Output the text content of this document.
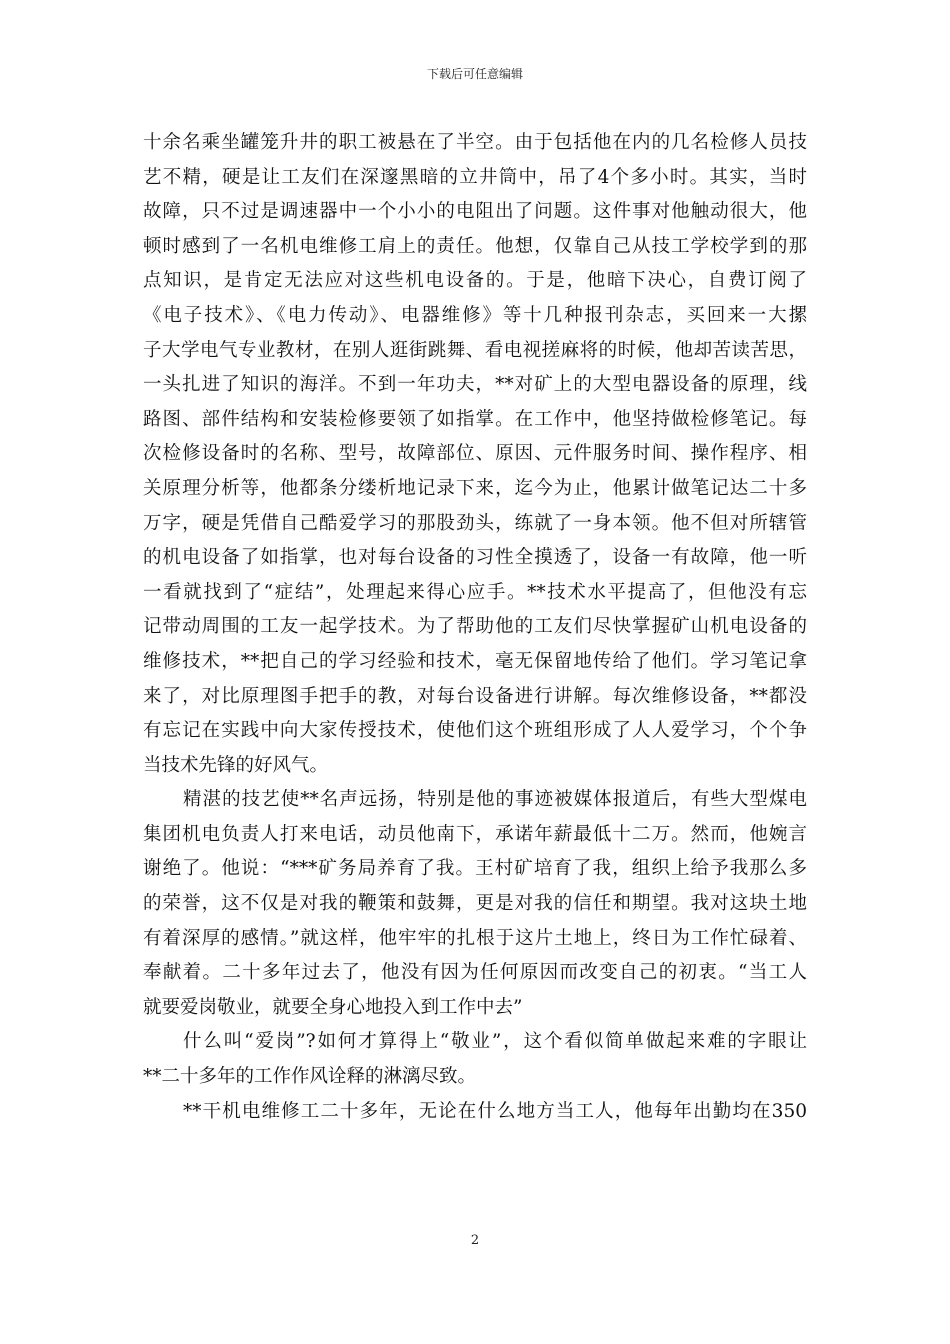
下载后可任意编辑
十余名乘坐罐笼升井的职工被悬在了半空。由于包括他在内的几名检修人员技
艺不精，硬是让工友们在深邃黑暗的立井筒中，吊了4个多小时。其实，当时
故障，只不过是调速器中一个小小的电阻出了问题。这件事对他触动很大，他
顿时感到了一名机电维修工肩上的责任。他想，仅靠自己从技工学校学到的那
点知识，是肯定无法应对这些机电设备的。于是，他暗下决心，自费订阅了
《电子技术》、《电力传动》、电器维修》等十几种报刊杂志，买回来一大摞
子大学电气专业教材，在别人逛街跳舞、看电视搓麻将的时候，他却苦读苦思，
一头扎进了知识的海洋。不到一年功夫，**对矿上的大型电器设备的原理，线
路图、部件结构和安装检修要领了如指掌。在工作中，他坚持做检修笔记。每
次检修设备时的名称、型号，故障部位、原因、元件服务时间、操作程序、相
关原理分析等，他都条分缕析地记录下来，迄今为止，他累计做笔记达二十多
万字，硬是凭借自己酷爱学习的那股劲头，练就了一身本领。他不但对所辖管
的机电设备了如指掌，也对每台设备的习性全摸透了，设备一有故障，他一听
一看就找到了“症结”，处理起来得心应手。**技术水平提高了，但他没有忘
记带动周围的工友一起学技术。为了帮助他的工友们尽快掌握矿山机电设备的
维修技术，**把自己的学习经验和技术，毫无保留地传给了他们。学习笔记拿
来了，对比原理图手把手的教，对每台设备进行讲解。每次维修设备，**都没
有忘记在实践中向大家传授技术，使他们这个班组形成了人人爱学习，个个争
当技术先锋的好风气。
精湛的技艺使**名声远扬，特别是他的事迹被媒体报道后，有些大型煤电
集团机电负责人打来电话，动员他南下，承诺年薪最低十二万。然而，他婉言
谢绝了。他说：“***矿务局养育了我。王村矿培育了我，组织上给予我那么多
的荣誉，这不仅是对我的鞭策和鼓舞，更是对我的信任和期望。我对这块土地
有着深厚的感情。”就这样，他牢牢的扎根于这片土地上，终日为工作忙碌着、
奉献着。二十多年过去了，他没有因为任何原因而改变自己的初衷。“当工人
就要爱岗敬业，就要全身心地投入到工作中去”
什么叫“爱岗”?如何才算得上“敬业”，这个看似简单做起来难的字眼让
**二十多年的工作作风诠释的淋漓尽致。
**干机电维修工二十多年，无论在什么地方当工人，他每年出勤均在350
2
